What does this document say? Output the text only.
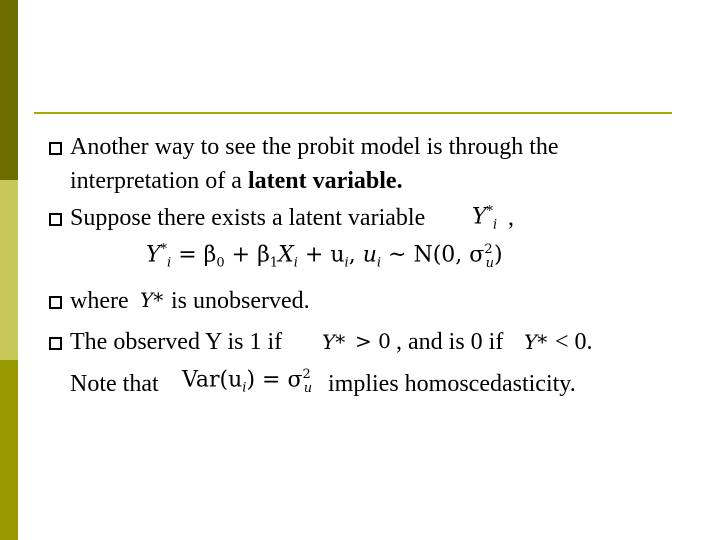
Another way to see the probit model is through the
interpretation of a latent variable.
Suppose there exists a latent variable $Y^*_i$ ,
$Y^*_i = \beta_0 + \beta_1X_i + u_i$, $u_i$ ~ N(0, $\sigma^2_u$)
where Y* is unobserved.
The observed Y is 1 if Y* > 0 , and is 0 if Y* < 0.
Note that $Var(u_i) = \sigma^2_u$ implies homoscedasticity.
